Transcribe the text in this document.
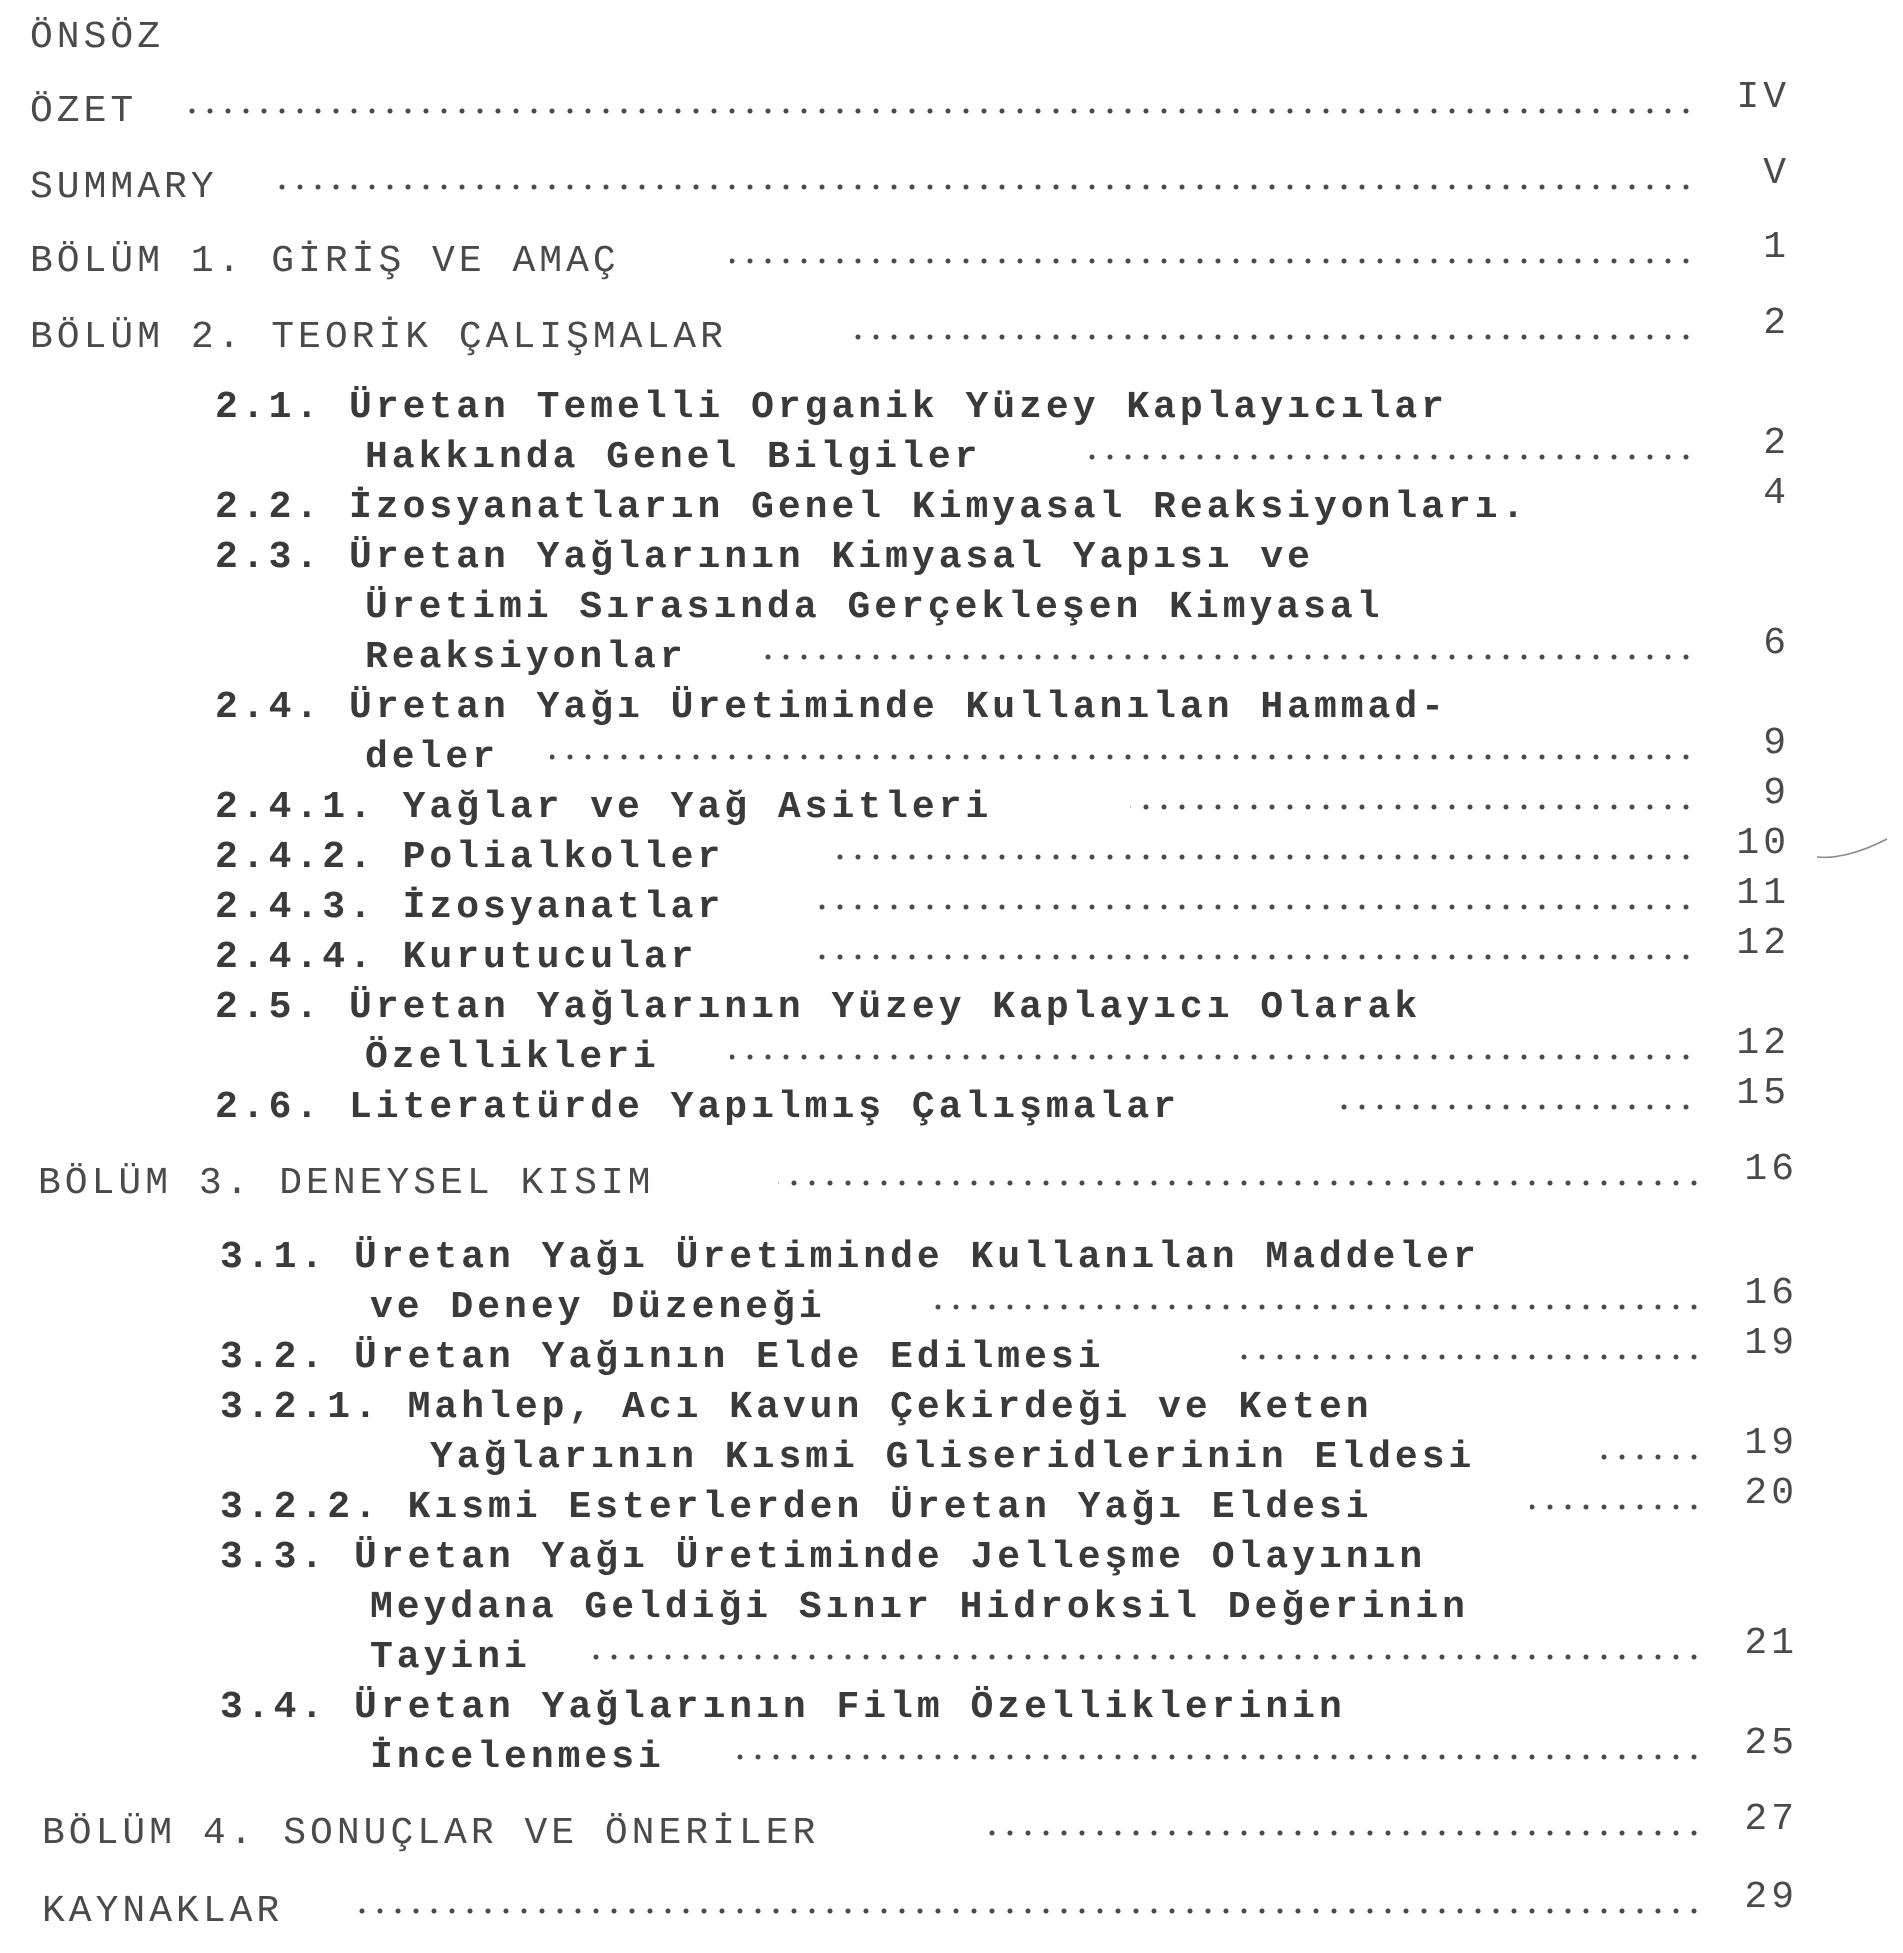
ÖNSÖZ
ÖZET	IV
SUMMARY	V
BÖLÜM 1. GİRİŞ VE AMAÇ	1
BÖLÜM 2. TEORİK ÇALIŞMALAR	2
2.1. Üretan Temelli Organik Yüzey Kaplayıcılar
Hakkında Genel Bilgiler	2
2.2. İzosyanatların Genel Kimyasal Reaksiyonları.	4
2.3. Üretan Yağlarının Kimyasal Yapısı ve
Üretimi Sırasında Gerçekleşen Kimyasal
Reaksiyonlar	6
2.4. Üretan Yağı Üretiminde Kullanılan Hammad-
deler	9
2.4.1. Yağlar ve Yağ Asitleri	9
2.4.2. Polialkoller	10
2.4.3. İzosyanatlar	11
2.4.4. Kurutucular	12
2.5. Üretan Yağlarının Yüzey Kaplayıcı Olarak
Özellikleri	12
2.6. Literatürde Yapılmış Çalışmalar	15
BÖLÜM 3. DENEYSEL KISIM	16
3.1. Üretan Yağı Üretiminde Kullanılan Maddeler
ve Deney Düzeneği	16
3.2. Üretan Yağının Elde Edilmesi	19
3.2.1. Mahlep, Acı Kavun Çekirdeği ve Keten
Yağlarının Kısmi Gliseridlerinin Eldesi	19
3.2.2. Kısmi Esterlerden Üretan Yağı Eldesi	20
3.3. Üretan Yağı Üretiminde Jelleşme Olayının
Meydana Geldiği Sınır Hidroksil Değerinin
Tayini	21
3.4. Üretan Yağlarının Film Özelliklerinin
İncelenmesi	25
BÖLÜM 4. SONUÇLAR VE ÖNERİLER	27
KAYNAKLAR	29
